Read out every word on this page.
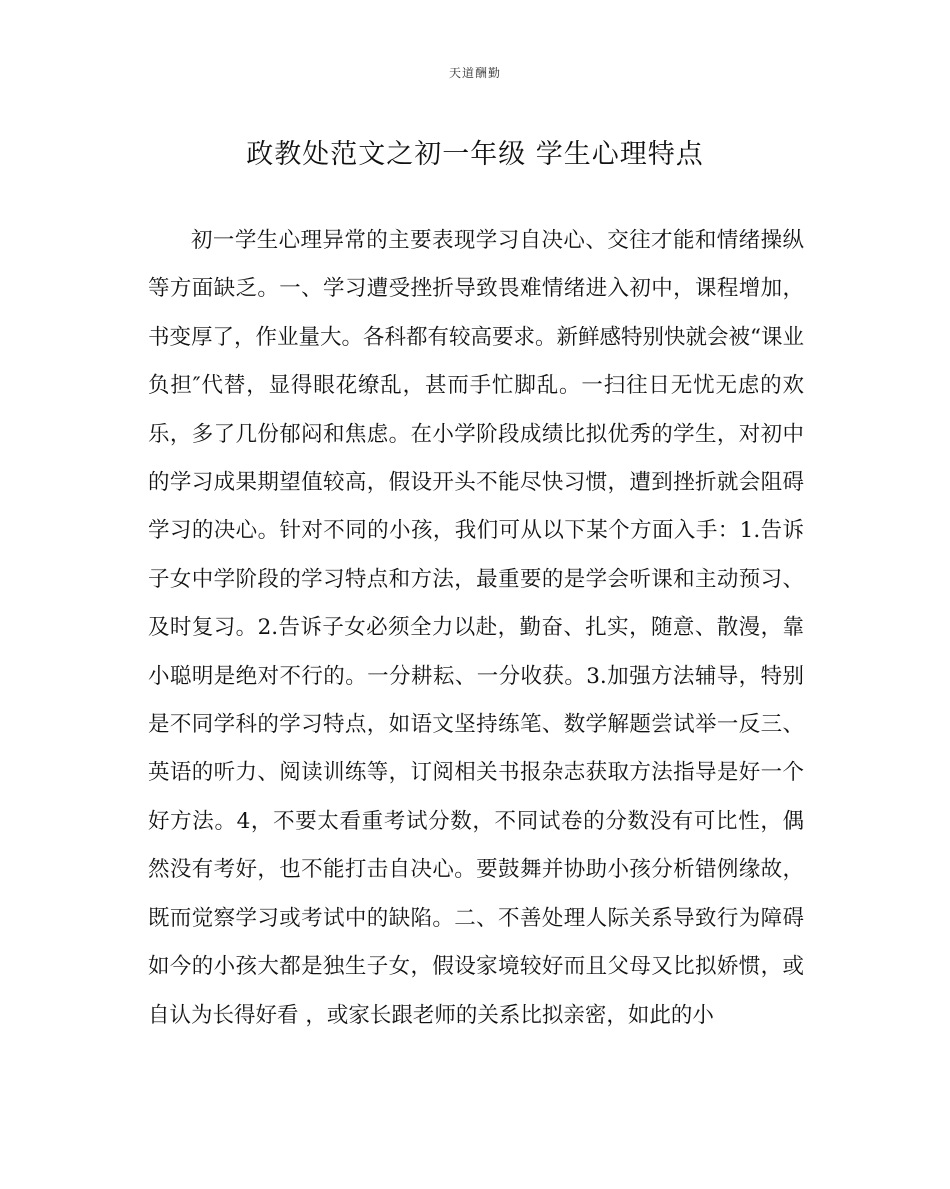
天道酬勤
政教处范文之初一年级 学生心理特点

初一学生心理异常的主要表现学习自决心、交往才能和情绪操纵等方面缺乏。一、学习遭受挫折导致畏难情绪进入初中，课程增加，书变厚了，作业量大。各科都有较高要求。新鲜感特别快就会被“课业负担″代替，显得眼花缭乱，甚而手忙脚乱。一扫往日无忧无虑的欢乐，多了几份郁闷和焦虑。在小学阶段成绩比拟优秀的学生，对初中的学习成果期望值较高，假设开头不能尽快习惯，遭到挫折就会阻碍学习的决心。针对不同的小孩，我们可从以下某个方面入手：1.告诉子女中学阶段的学习特点和方法，最重要的是学会听课和主动预习、及时复习。2.告诉子女必须全力以赴，勤奋、扎实，随意、散漫，靠小聪明是绝对不行的。一分耕耘、一分收获。3.加强方法辅导，特别是不同学科的学习特点，如语文坚持练笔、数学解题尝试举一反三、英语的听力、阅读训练等，订阅相关书报杂志获取方法指导是好一个好方法。4，不要太看重考试分数，不同试卷的分数没有可比性，偶然没有考好，也不能打击自决心。要鼓舞并协助小孩分析错例缘故，既而觉察学习或考试中的缺陷。二、不善处理人际关系导致行为障碍如今的小孩大都是独生子女，假设家境较好而且父母又比拟娇惯，或自认为长得好看 ，或家长跟老师的关系比拟亲密，如此的小
